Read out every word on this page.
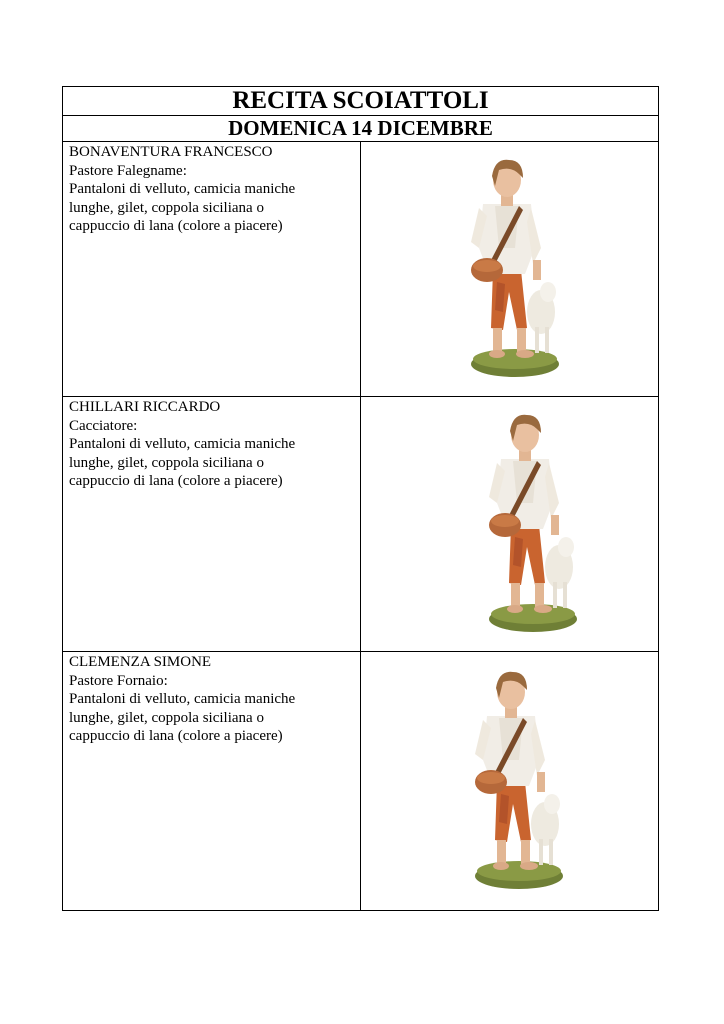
RECITA SCOIATTOLI	
DOMENICA 14 DICEMBRE	

BONAVENTURA FRANCESCO
Pastore Falegname:
Pantaloni di velluto, camicia maniche
lunghe, gilet, coppola siciliana o
cappuccio di lana (colore a piacere)

CHILLARI RICCARDO
Cacciatore:
Pantaloni di velluto, camicia maniche
lunghe, gilet, coppola siciliana o
cappuccio di lana (colore a piacere)

CLEMENZA SIMONE
Pastore Fornaio:
Pantaloni di velluto, camicia maniche
lunghe, gilet, coppola siciliana o
cappuccio di lana (colore a piacere)
